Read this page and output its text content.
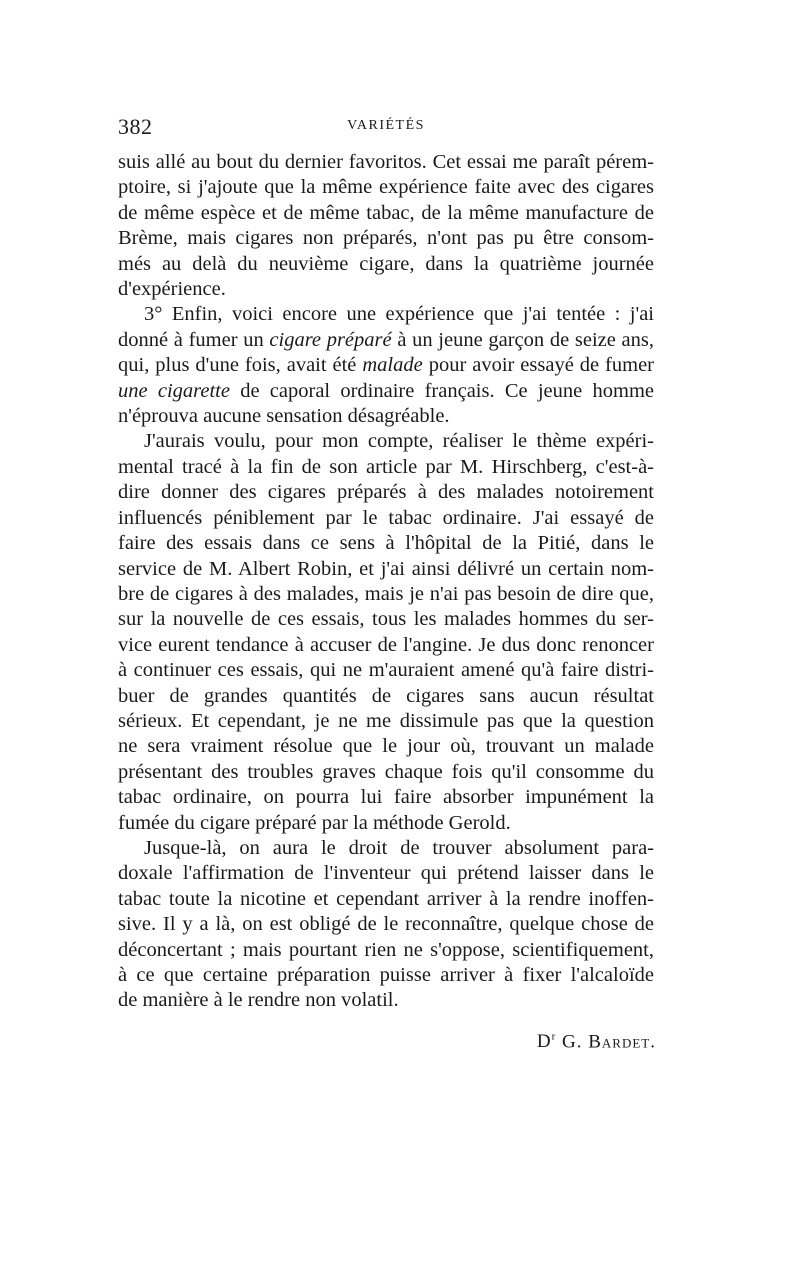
382	VARIÉTÉS
suis allé au bout du dernier favoritos. Cet essai me paraît pérem-
ptoire, si j'ajoute que la même expérience faite avec des cigares
de même espèce et de même tabac, de la même manufacture de
Brème, mais cigares non préparés, n'ont pas pu être consom-
més au delà du neuvième cigare, dans la quatrième journée
d'expérience.
3° Enfin, voici encore une expérience que j'ai tentée : j'ai
donné à fumer un cigare préparé à un jeune garçon de seize ans,
qui, plus d'une fois, avait été malade pour avoir essayé de fumer
une cigarette de caporal ordinaire français. Ce jeune homme
n'éprouva aucune sensation désagréable.
J'aurais voulu, pour mon compte, réaliser le thème expéri-
mental tracé à la fin de son article par M. Hirschberg, c'est-à-
dire donner des cigares préparés à des malades notoirement
influencés péniblement par le tabac ordinaire. J'ai essayé de
faire des essais dans ce sens à l'hôpital de la Pitié, dans le
service de M. Albert Robin, et j'ai ainsi délivré un certain nom-
bre de cigares à des malades, mais je n'ai pas besoin de dire que,
sur la nouvelle de ces essais, tous les malades hommes du ser-
vice eurent tendance à accuser de l'angine. Je dus donc renoncer
à continuer ces essais, qui ne m'auraient amené qu'à faire distri-
buer de grandes quantités de cigares sans aucun résultat
sérieux. Et cependant, je ne me dissimule pas que la question
ne sera vraiment résolue que le jour où, trouvant un malade
présentant des troubles graves chaque fois qu'il consomme du
tabac ordinaire, on pourra lui faire absorber impunément la
fumée du cigare préparé par la méthode Gerold.
Jusque-là, on aura le droit de trouver absolument para-
doxale l'affirmation de l'inventeur qui prétend laisser dans le
tabac toute la nicotine et cependant arriver à la rendre inoffen-
sive. Il y a là, on est obligé de le reconnaître, quelque chose de
déconcertant ; mais pourtant rien ne s'oppose, scientifiquement,
à ce que certaine préparation puisse arriver à fixer l'alcaloïde
de manière à le rendre non volatil.
$D^r$ G. Bardet.
